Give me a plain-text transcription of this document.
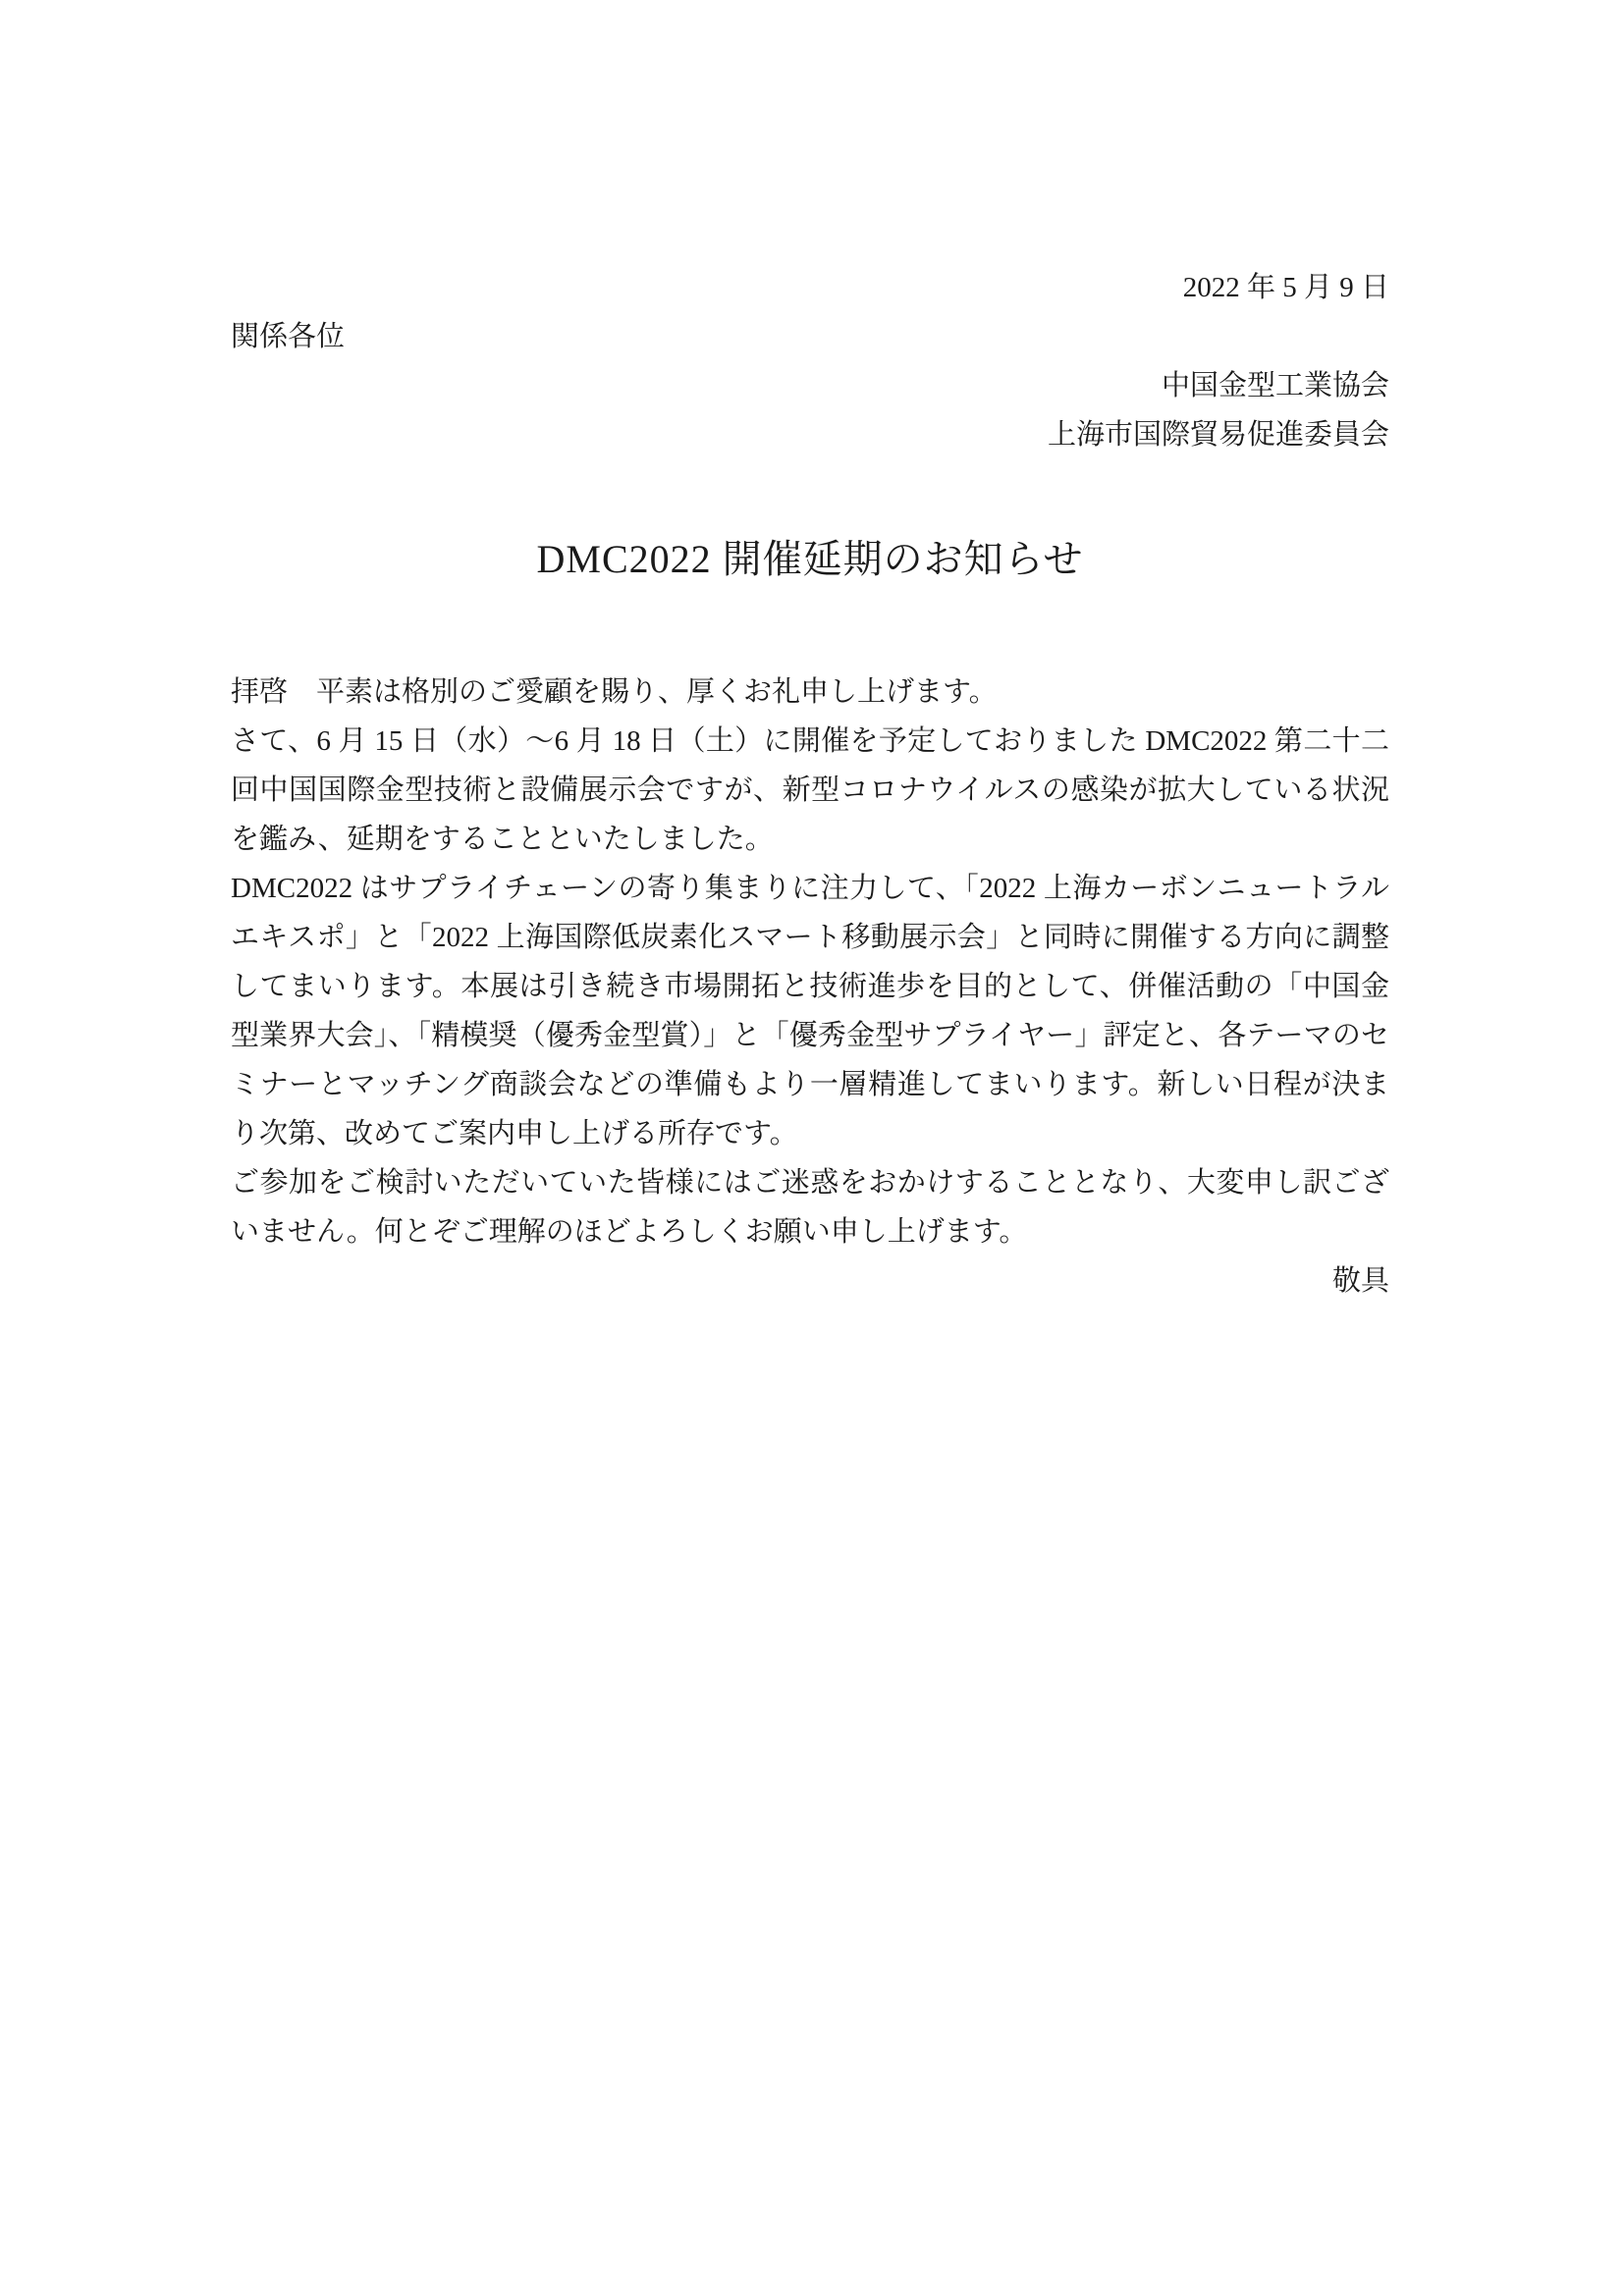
2022 年 5 月 9 日
関係各位
中国金型工業協会
上海市国際貿易促進委員会
DMC2022 開催延期のお知らせ

拝啓　平素は格別のご愛顧を賜り、厚くお礼申し上げます。

さて、6 月 15 日（水）～6 月 18 日（土）に開催を予定しておりました DMC2022 第二十二回中国国際金型技術と設備展示会ですが、新型コロナウイルスの感染が拡大している状況を鑑み、延期をすることといたしました。

DMC2022 はサプライチェーンの寄り集まりに注力して、「2022 上海カーボンニュートラルエキスポ」と「2022 上海国際低炭素化スマート移動展示会」と同時に開催する方向に調整してまいります。本展は引き続き市場開拓と技術進歩を目的として、併催活動の「中国金型業界大会」、「精模奨（優秀金型賞）」と「優秀金型サプライヤー」評定と、各テーマのセミナーとマッチング商談会などの準備もより一層精進してまいります。新しい日程が決まり次第、改めてご案内申し上げる所存です。

ご参加をご検討いただいていた皆様にはご迷惑をおかけすることとなり、大変申し訳ございません。何とぞご理解のほどよろしくお願い申し上げます。

敬具
